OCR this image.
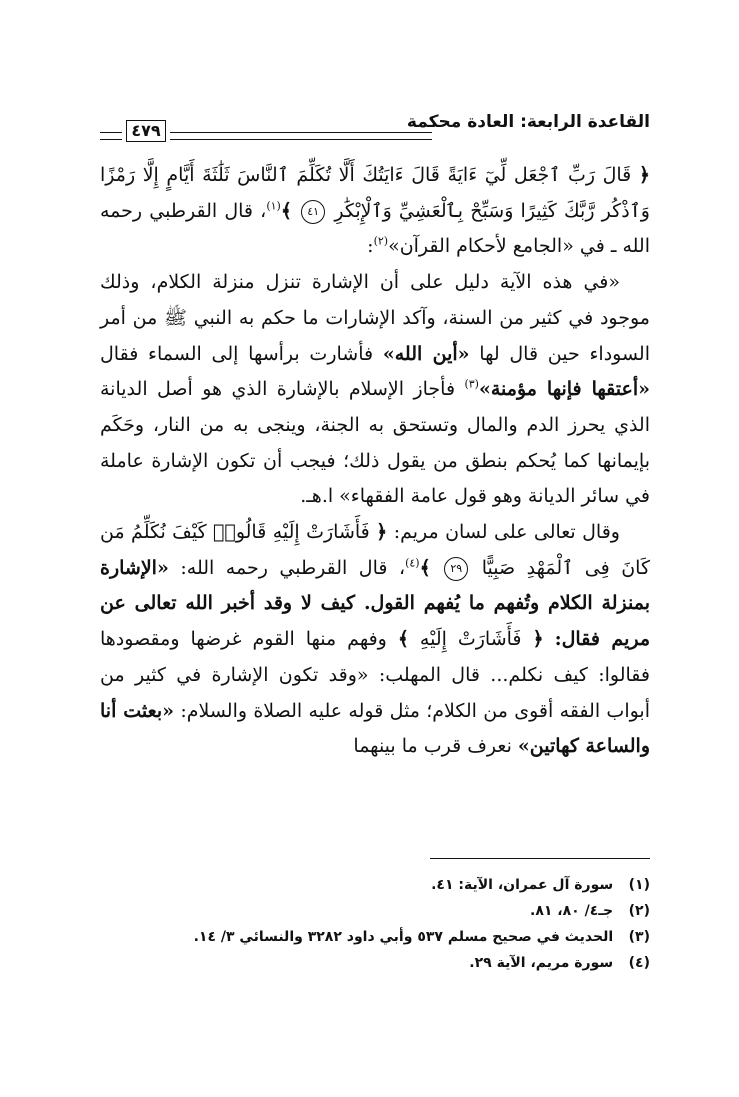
القاعدة الرابعة: العادة محكمة
٤٧٩

﴿ قَالَ رَبِّ ٱجْعَل لِّيٓ ءَايَةً قَالَ ءَايَتُكَ أَلَّا تُكَلِّمَ ٱلنَّاسَ ثَلَٰثَةَ أَيَّامٍ إِلَّا رَمْزًا وَٱذْكُر رَّبَّكَ كَثِيرًا وَسَبِّحْ بِٱلْعَشِيِّ وَٱلْإِبْكَٰرِ ٤١ ﴾$^{(١)}$، قال القرطبي رحمه الله ـ في «الجامع لأحكام القرآن»$^{(٢)}$:

«في هذه الآية دليل على أن الإشارة تنزل منزلة الكلام، وذلك موجود في كثير من السنة، وآكد الإشارات ما حكم به النبي ﷺ من أمر السوداء حين قال لها «أين الله» فأشارت برأسها إلى السماء فقال «أعتقها فإنها مؤمنة»$^{(٣)}$ فأجاز الإسلام بالإشارة الذي هو أصل الديانة الذي يحرز الدم والمال وتستحق به الجنة، وينجى به من النار، وحَكَم بإيمانها كما يُحكم بنطق من يقول ذلك؛ فيجب أن تكون الإشارة عاملة في سائر الديانة وهو قول عامة الفقهاء» ا.هـ.

وقال تعالى على لسان مريم: ﴿ فَأَشَارَتْ إِلَيْهِ قَالُوا۟ كَيْفَ نُكَلِّمُ مَن كَانَ فِى ٱلْمَهْدِ صَبِيًّا ٢٩ ﴾$^{(٤)}$، قال القرطبي رحمه الله: «الإشارة بمنزلة الكلام وتُفهم ما يُفهم القول. كيف لا وقد أخبر الله تعالى عن مريم فقال: ﴿ فَأَشَارَتْ إِلَيْهِ ﴾ وفهم منها القوم غرضها ومقصودها فقالوا: كيف نكلم... قال المهلب: «وقد تكون الإشارة في كثير من أبواب الفقه أقوى من الكلام؛ مثل قوله عليه الصلاة والسلام: «بعثت أنا والساعة كهاتين» نعرف قرب ما بينهما

(١) سورة آل عمران، الآية: ٤١.
(٢) جـ٤/ ٨٠، ٨١.
(٣) الحديث في صحيح مسلم ٥٣٧ وأبي داود ٣٢٨٢ والنسائي ٣/ ١٤.
(٤) سورة مريم، الآية ٢٩.
